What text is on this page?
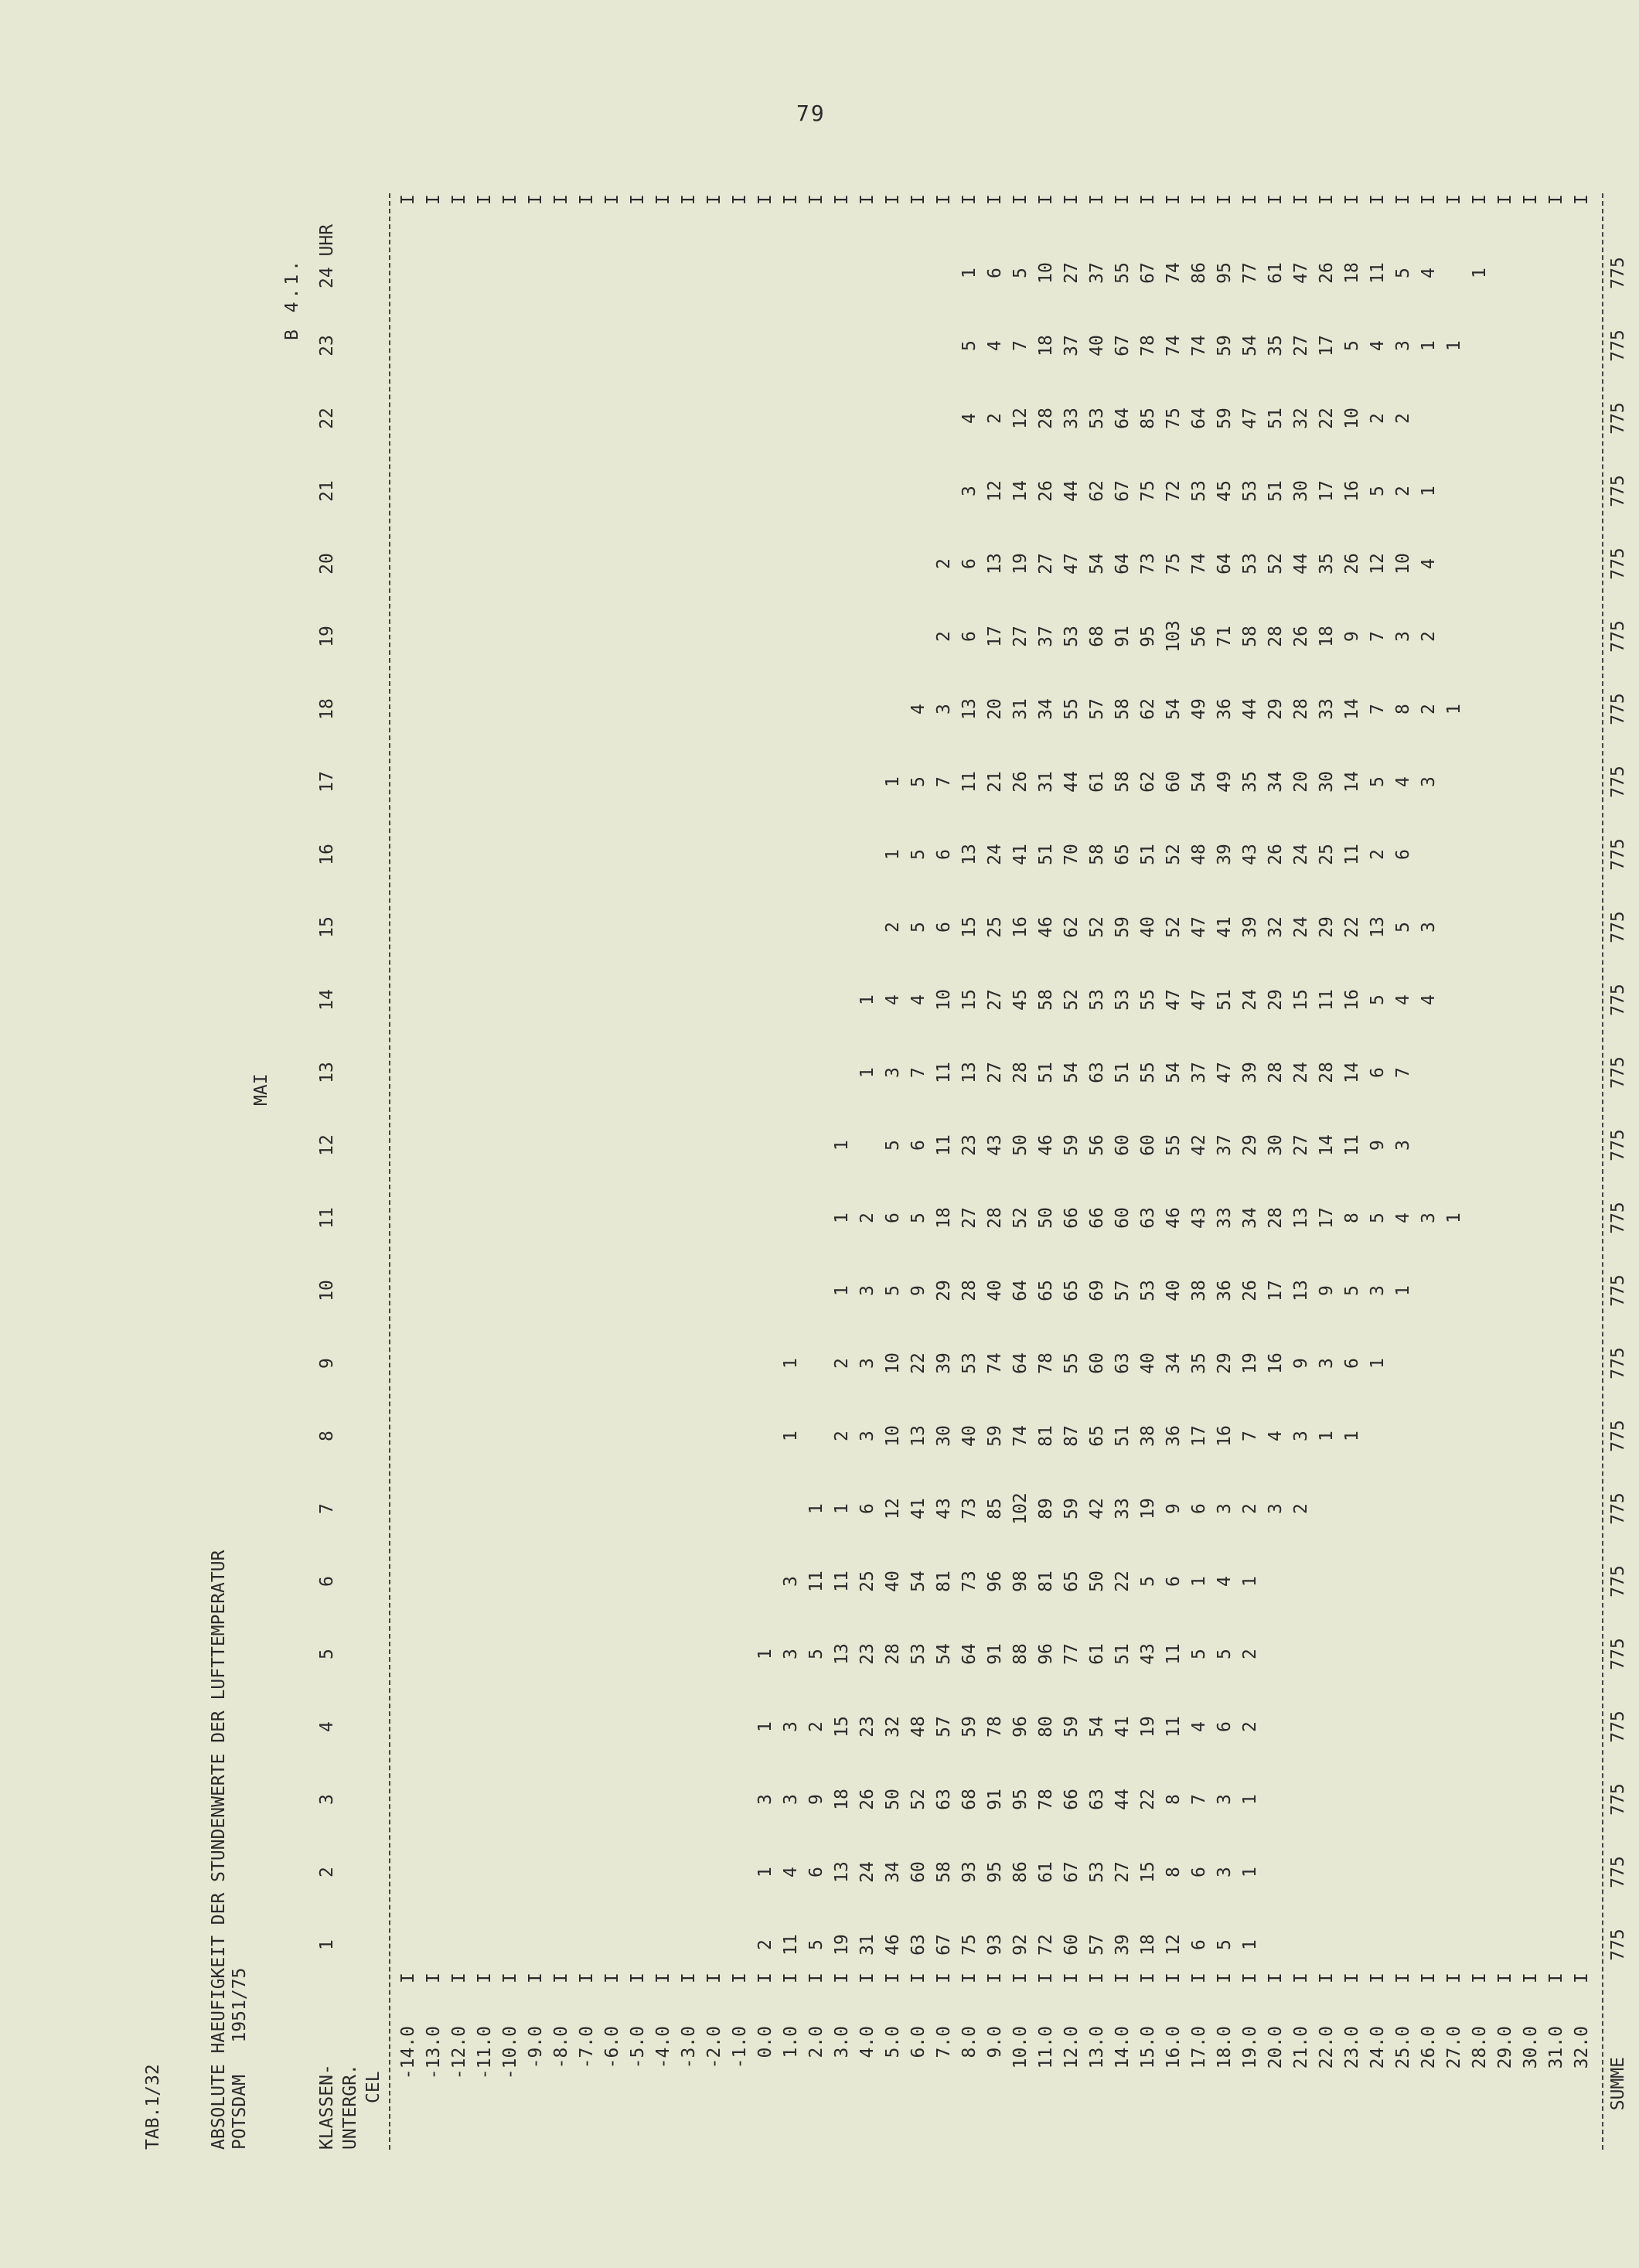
79
TAB.1/32	ABSOLUTE HAEUFIGKEIT DER STUNDENWERTE DER LUFTTEMPERATUR POTSDAM   1951/75
MAI
B 4.1.
KLASSEN- UNTERGR. CEL
1
2
3
4
5
6
7
8
9
10
11
12
13
14
15
16
17
18
19
20
21
22
23
24 UHR
-14.0
I
I
-13.0
I
I
-12.0
I
I
-11.0
I
I
-10.0
I
I
-9.0
I
I
-8.0
I
I
-7.0
I
I
-6.0
I
I
-5.0
I
I
-4.0
I
I
-3.0
I
I
-2.0
I
I
-1.0
I
I
0.0
I
2
1
3
1
1
I
1.0
I
11
4
3
3
3
3
1
1
I
2.0
I
5
6
9
2
5
11
1
I
3.0
I
19
13
18
15
13
11
1
2
2
1
1
1
I
4.0
I
31
24
26
23
23
25
6
3
3
3
2
1
1
I
5.0
I
46
34
50
32
28
40
12
10
10
5
6
5
3
4
2
1
1
I
6.0
I
63
60
52
48
53
54
41
13
22
9
5
6
7
4
5
5
5
4
I
7.0
I
67
58
63
57
54
81
43
30
39
29
18
11
11
10
6
6
7
3
2
2
I
8.0
I
75
93
68
59
64
73
73
40
53
28
27
23
13
15
15
13
11
13
6
6
3
4
5
1
I
9.0
I
93
95
91
78
91
96
85
59
74
40
28
43
27
27
25
24
21
20
17
13
12
2
4
6
I
10.0
I
92
86
95
96
88
98
102
74
64
64
52
50
28
45
16
41
26
31
27
19
14
12
7
5
I
11.0
I
72
61
78
80
96
81
89
81
78
65
50
46
51
58
46
51
31
34
37
27
26
28
18
10
I
12.0
I
60
67
66
59
77
65
59
87
55
65
66
59
54
52
62
70
44
55
53
47
44
33
37
27
I
13.0
I
57
53
63
54
61
50
42
65
60
69
66
56
63
53
52
58
61
57
68
54
62
53
40
37
I
14.0
I
39
27
44
41
51
22
33
51
63
57
60
60
51
53
59
65
58
58
91
64
67
64
67
55
I
15.0
I
18
15
22
19
43
5
19
38
40
53
63
60
55
55
40
51
62
62
95
73
75
85
78
67
I
16.0
I
12
8
8
11
11
6
9
36
34
40
46
55
54
47
52
52
60
54
103
75
72
75
74
74
I
17.0
I
6
6
7
4
5
1
6
17
35
38
43
42
37
47
47
48
54
49
56
74
53
64
74
86
I
18.0
I
5
3
3
6
5
4
3
16
29
36
33
37
47
51
41
39
49
36
71
64
45
59
59
95
I
19.0
I
1
1
1
2
2
1
2
7
19
26
34
29
39
24
39
43
35
44
58
53
53
47
54
77
I
20.0
I
3
4
16
17
28
30
28
29
32
26
34
29
28
52
51
51
35
61
I
21.0
I
2
3
9
13
13
27
24
15
24
24
20
28
26
44
30
32
27
47
I
22.0
I
1
3
9
17
14
28
11
29
25
30
33
18
35
17
22
17
26
I
23.0
I
1
6
5
8
11
14
16
22
11
14
14
9
26
16
10
5
18
I
24.0
I
1
3
5
9
6
5
13
2
5
7
7
12
5
2
4
11
I
25.0
I
1
4
3
7
4
5
6
4
8
3
10
2
2
3
5
I
26.0
I
3
4
3
3
2
2
4
1
1
4
I
27.0
I
1
1
1
I
28.0
I
1
I
29.0
I
I
30.0
I
I
31.0
I
I
32.0
I
I
SUMME
775
775
775
775
775
775
775
775
775
775
775
775
775
775
775
775
775
775
775
775
775
775
775
775
